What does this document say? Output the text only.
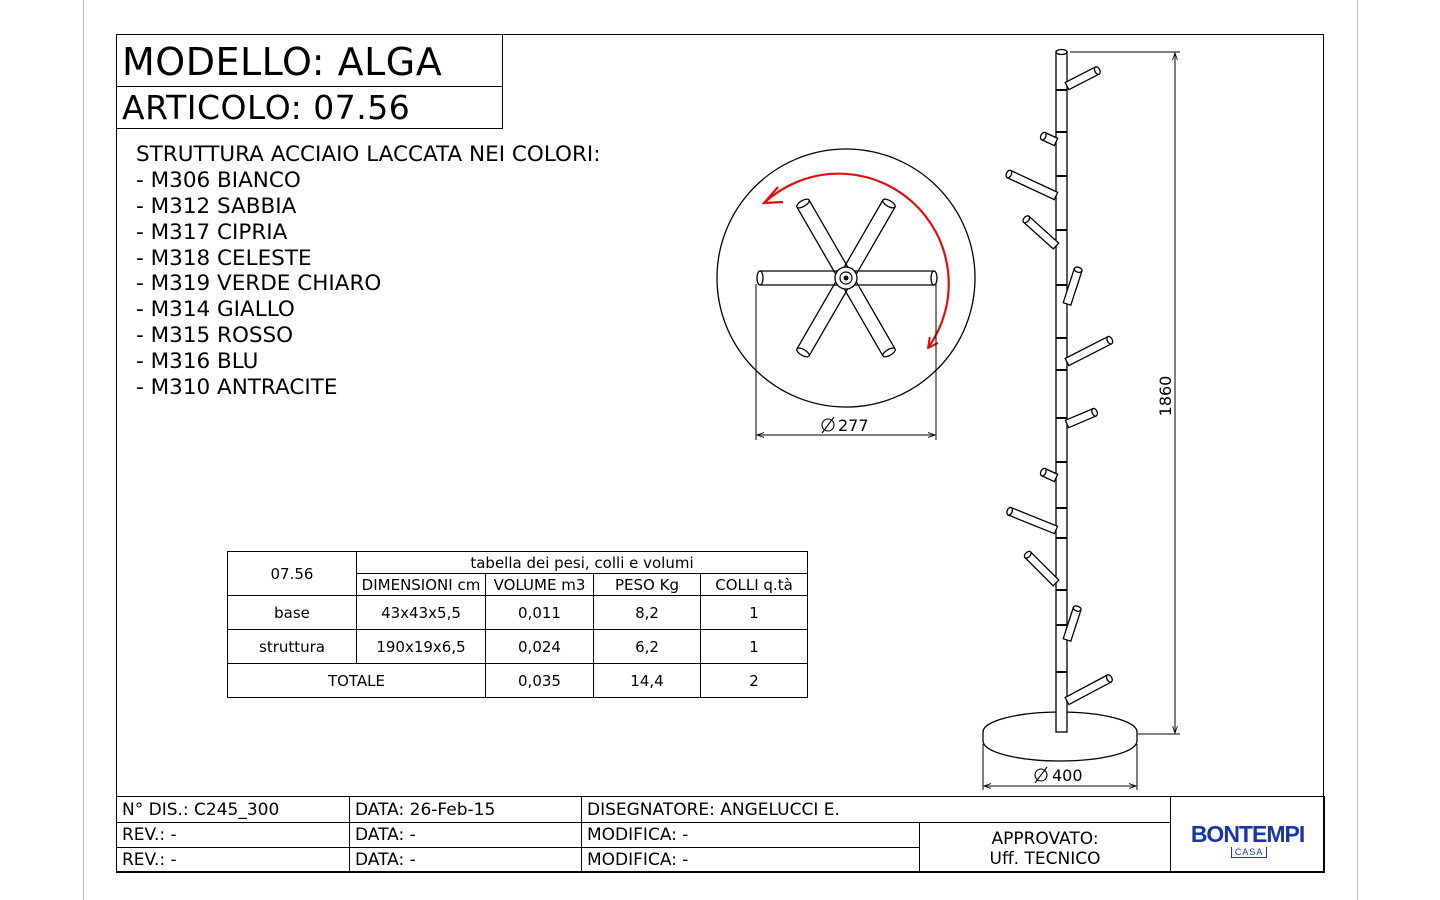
MODELLO: ALGA
ARTICOLO: 07.56
STRUTTURA ACCIAIO LACCATA NEI COLORI:
- M306 BIANCO
- M312 SABBIA
- M317 CIPRIA
- M318 CELESTE
- M319 VERDE CHIARO
- M314 GIALLO
- M315 ROSSO
- M316 BLU
- M310 ANTRACITE
277
1860
400
07.56	tabella dei pesi, colli e volumi			
	DIMENSIONI cm	VOLUME m3	PESO Kg	COLLI q.tà
base	43x43x5,5	0,011	8,2	1
struttura	190x19x6,5	0,024	6,2	1
TOTALE		0,035	14,4	2
N° DIS.: C245_300	DATA: 26-Feb-15	DISEGNATORE: ANGELUCCI E.		BONTEMPI
CASA

REV.: -	DATA: -	MODIFICA: -	APPROVATO:
Uff. TECNICO	

REV.: -	DATA: -	MODIFICA: -		
